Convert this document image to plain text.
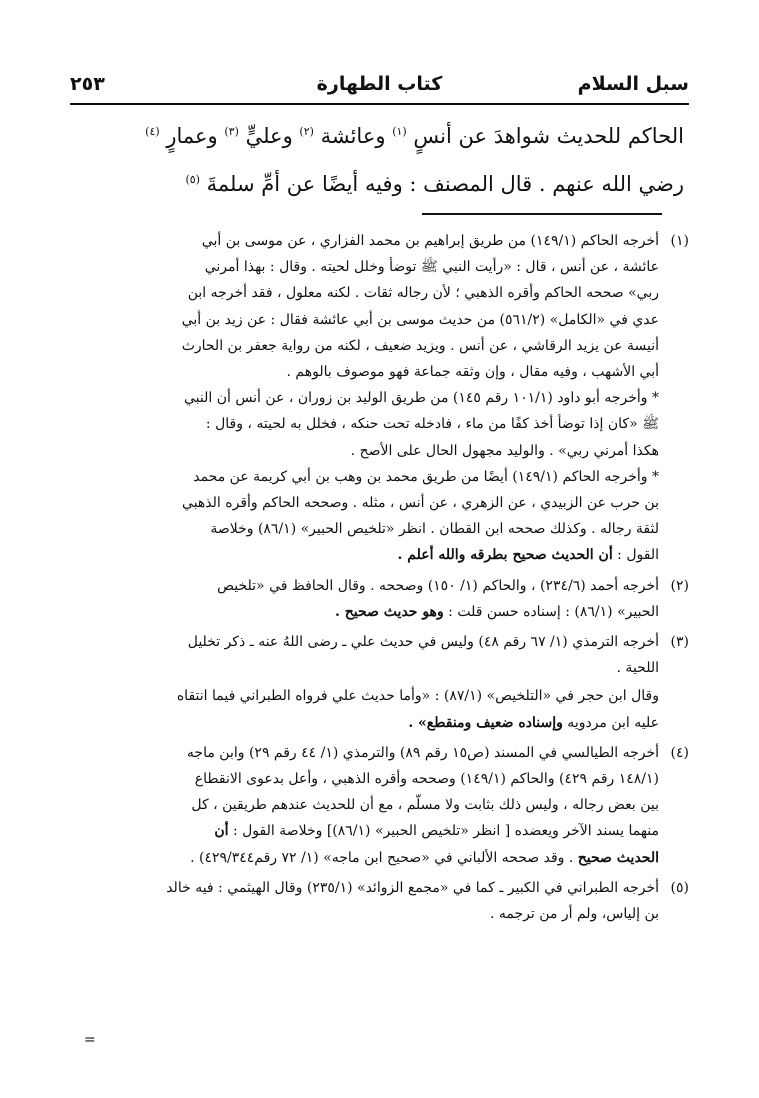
سبل السلام
كتاب الطهارة
٢٥٣
الحاكم للحديث شواهدَ عن أنسٍ $^{(١)}$ وعائشة $^{(٢)}$ وعليٍّ $^{(٣)}$ وعمارٍ $^{(٤)}$
رضي الله عنهم . قال المصنف : وفيه أيضًا عن أمِّ سلمةَ $^{(٥)}$
(١)
أخرجه الحاكم (١٤٩/١) من طريق إبراهيم بن محمد الفزاري ، عن موسى بن أبي
عائشة ، عن أنس ، قال : «رأيت النبي ﷺ توضأ وخلل لحيته . وقال : بهذا أمرني
ربي» صححه الحاكم وأقره الذهبي ؛ لأن رجاله ثقات . لكنه معلول ، فقد أخرجه ابن
عدي في «الكامل» (٥٦١/٢) من حديث موسى بن أبي عائشة فقال : عن زيد بن أبي
أنيسة عن يزيد الرقاشي ، عن أنس . ويزيد ضعيف ، لكنه من رواية جعفر بن الحارث
أبي الأشهب ، وفيه مقال ، وإن وثقه جماعة فهو موصوف بالوهم .
* وأخرجه أبو داود (١٠١/١ رقم ١٤٥) من طريق الوليد بن زوران ، عن أنس أن النبي
ﷺ «كان إذا توضأ أخذ كفًا من ماء ، فادخله تحت حنكه ، فخلل به لحيته ، وقال :
هكذا أمرني ربي» . والوليد مجهول الحال على الأصح .
* وأخرجه الحاكم (١٤٩/١) أيضًا من طريق محمد بن وهب بن أبي كريمة عن محمد
بن حرب عن الزبيدي ، عن الزهري ، عن أنس ، مثله . وصححه الحاكم وأقره الذهبي
لثقة رجاله . وكذلك صححه ابن القطان . انظر «تلخيص الحبير» (٨٦/١) وخلاصة
القول : أن الحديث صحيح بطرقه والله أعلم .
(٢)
أخرجه أحمد (٢٣٤/٦) ، والحاكم (١/ ١٥٠) وصححه . وقال الحافظ في «تلخيص
الحبير» (٨٦/١) : إسناده حسن قلت : وهو حديث صحيح .
(٣)
أخرجه الترمذي (١/ ٦٧ رقم ٤٨) وليس في حديث علي ـ رضى اللهُ عنه ـ ذكر تخليل
اللحية .
وقال ابن حجر في «التلخيص» (٨٧/١) : «وأما حديث علي فرواه الطبراني فيما انتقاه
عليه ابن مردويه وإسناده ضعيف ومنقطع» .
(٤)
أخرجه الطيالسي في المسند (ص١٥ رقم ٨٩) والترمذي (١/ ٤٤ رقم ٢٩) وابن ماجه
(١٤٨/١ رقم ٤٢٩) والحاكم (١٤٩/١) وصححه وأقره الذهبي ، وأعل بدعوى الانقطاع
بين بعض رجاله ، وليس ذلك بثابت ولا مسلّم ، مع أن للحديث عندهم طريقين ، كل
منهما يسند الآخر ويعضده [ انظر «تلخيص الحبير» (٨٦/١)] وخلاصة القول : أن
الحديث صحيح . وقد صححه الألباني في «صحيح ابن ماجه» (١/ ٧٢ رقم٤٢٩/٣٤٤) .
(٥)
أخرجه الطبراني في الكبير ـ كما في «مجمع الزوائد» (٢٣٥/١) وقال الهيثمي : فيه خالد
بن إلياس، ولم أر من ترجمه .
=
